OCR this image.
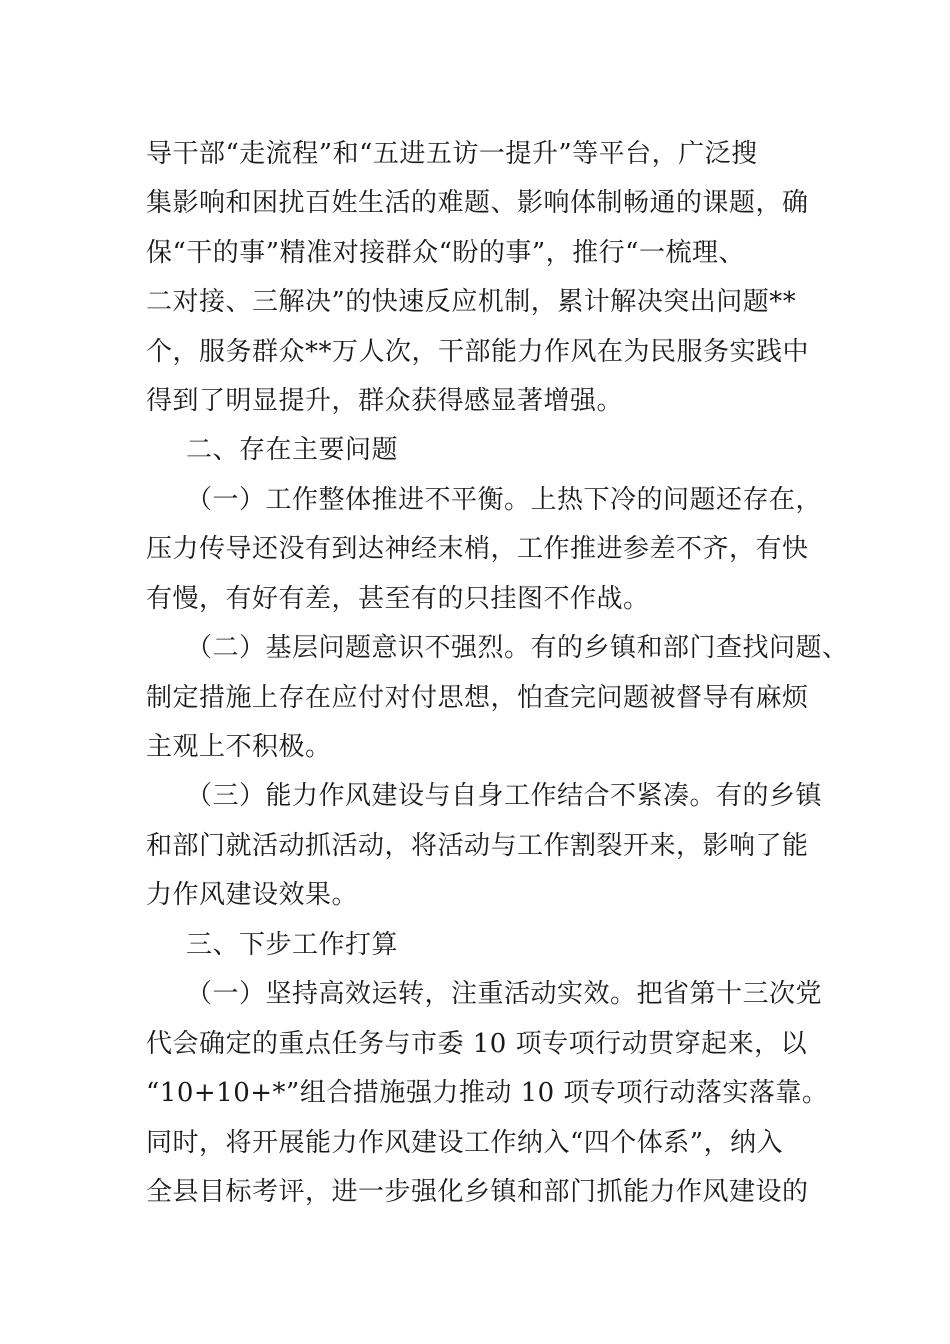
导干部“走流程”和“五进五访一提升”等平台，广泛搜
集影响和困扰百姓生活的难题、影响体制畅通的课题，确
保“干的事”精准对接群众“盼的事”，推行“一梳理、
二对接、三解决”的快速反应机制，累计解决突出问题**
个，服务群众**万人次，干部能力作风在为民服务实践中
得到了明显提升，群众获得感显著增强。
二、存在主要问题
（一）工作整体推进不平衡。上热下冷的问题还存在，
压力传导还没有到达神经末梢，工作推进参差不齐，有快
有慢，有好有差，甚至有的只挂图不作战。
（二）基层问题意识不强烈。有的乡镇和部门查找问题、
制定措施上存在应付对付思想，怕查完问题被督导有麻烦
主观上不积极。
（三）能力作风建设与自身工作结合不紧凑。有的乡镇
和部门就活动抓活动，将活动与工作割裂开来，影响了能
力作风建设效果。
三、下步工作打算
（一）坚持高效运转，注重活动实效。把省第十三次党
代会确定的重点任务与市委 10 项专项行动贯穿起来，以
“10+10+*”组合措施强力推动 10 项专项行动落实落靠。
同时，将开展能力作风建设工作纳入“四个体系”，纳入
全县目标考评，进一步强化乡镇和部门抓能力作风建设的
